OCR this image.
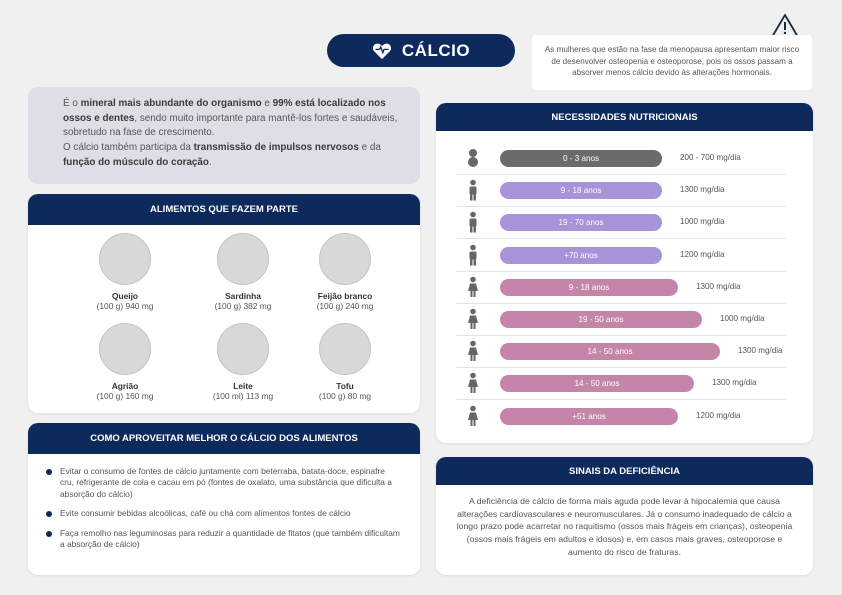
CÁLCIO	As mulheres que estão na fase da menopausa apresentam maior risco de desenvolver osteopenia e osteoporose, pois os ossos passam a absorver menos cálcio devido às alterações hormonais.
É o mineral mais abundante do organismo e 99% está localizado nos ossos e dentes, sendo muito importante para mantê-los fortes e saudáveis, sobretudo na fase de crescimento.
O cálcio também participa da transmissão de impulsos nervosos e da função do músculo do coração.
ALIMENTOS QUE FAZEM PARTE
Queijo
(100 g) 940 mg
Sardinha
(100 g) 382 mg
Feijão branco
(100 g) 240 mg
Agrião
(100 g) 160 mg
Leite
(100 ml) 113 mg
Tofu
(100 g) 80 mg
COMO APROVEITAR MELHOR O CÁLCIO DOS ALIMENTOS
Evitar o consumo de fontes de cálcio juntamente com beterraba, batata-doce, espinafre cru, refrigerante de cola e cacau em pó (fontes de oxalato, uma substância que dificulta a absorção do cálcio)
Evite consumir bebidas alcoólicas, café ou chá com alimentos fontes de cálcio
Faça remolho nas leguminosas para reduzir a quantidade de fitatos (que também dificultam a absorção de cálcio)
NECESSIDADES NUTRICIONAIS
0 - 3 anos	200 - 700 mg/dia
9 - 18 anos	1300 mg/dia
19 - 70 anos	1000 mg/dia
+70 anos	1200 mg/dia
9 - 18 anos	1300 mg/dia
19 - 50 anos	1000 mg/dia
14 - 50 anos	1300 mg/dia
14 - 50 anos	1300 mg/dia
+51 anos	1200 mg/dia
SINAIS DA DEFICIÊNCIA
A deficiência de cálcio de forma mais aguda pode levar à hipocalemia que causa alterações cardiovasculares e neuromusculares. Já o consumo inadequado de cálcio a longo prazo pode acarretar no raquitismo (ossos mais frágeis em crianças), osteopenia (ossos mais frágeis em adultos e idosos) e, em casos mais graves, osteoporose e aumento do risco de fraturas.
